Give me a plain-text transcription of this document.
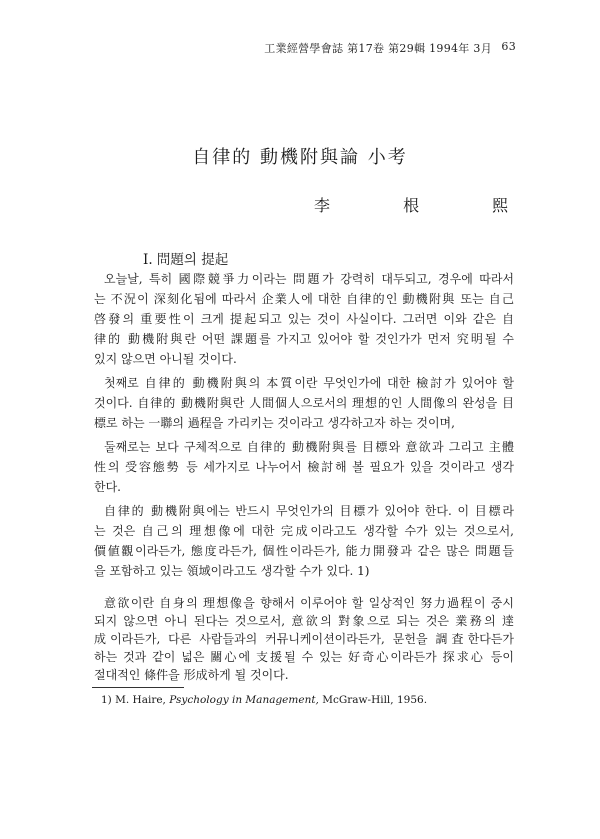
工業經營學會誌 第17卷 第29輯 1994年 3月 63
自律的 動機附與論 小考
李 根 熙
I. 問題의 提起
오늘날, 특히 國際競爭力이라는 問題가 강력히 대두되고, 경우에 따라서
는 不況이 深刻化됨에 따라서 企業人에 대한 自律的인 動機附與 또는 自己
啓發의 重要性이 크게 提起되고 있는 것이 사실이다. 그러면 이와 같은 自
律的 動機附與란 어떤 課題를 가지고 있어야 할 것인가가 먼저 究明될 수
있지 않으면 아니될 것이다.
첫째로 自律的 動機附與의 本質이란 무엇인가에 대한 檢討가 있어야 할
것이다. 自律的 動機附與란 人間個人으로서의 理想的인 人間像의 완성을 目
標로 하는 一聯의 過程을 가리키는 것이라고 생각하고자 하는 것이며,
둘째로는 보다 구체적으로 自律的 動機附與를 目標와 意欲과 그리고 主體
性의 受容態勢 등 세가지로 나누어서 檢討해 볼 필요가 있을 것이라고 생각
한다.
自律的 動機附與에는 반드시 무엇인가의 目標가 있어야 한다. 이 目標라
는 것은 自己의 理想像에 대한 完成이라고도 생각할 수가 있는 것으로서,
價値觀이라든가, 態度라든가, 個性이라든가, 能力開發과 같은 많은 問題들
을 포함하고 있는 領域이라고도 생각할 수가 있다. 1)
意欲이란 自身의 理想像을 향해서 이루어야 할 일상적인 努力過程이 중시
되지 않으면 아니 된다는 것으로서, 意欲의 對象으로 되는 것은 業務의 達
成이라든가, 다른 사람들과의 커뮤니케이션이라든가, 문헌을 調査한다든가
하는 것과 같이 넓은 關心에 支援될 수 있는 好奇心이라든가 探求心 등이
절대적인 條件을 形成하게 될 것이다.
1) M. Haire, Psychology in Management, McGraw-Hill, 1956.
